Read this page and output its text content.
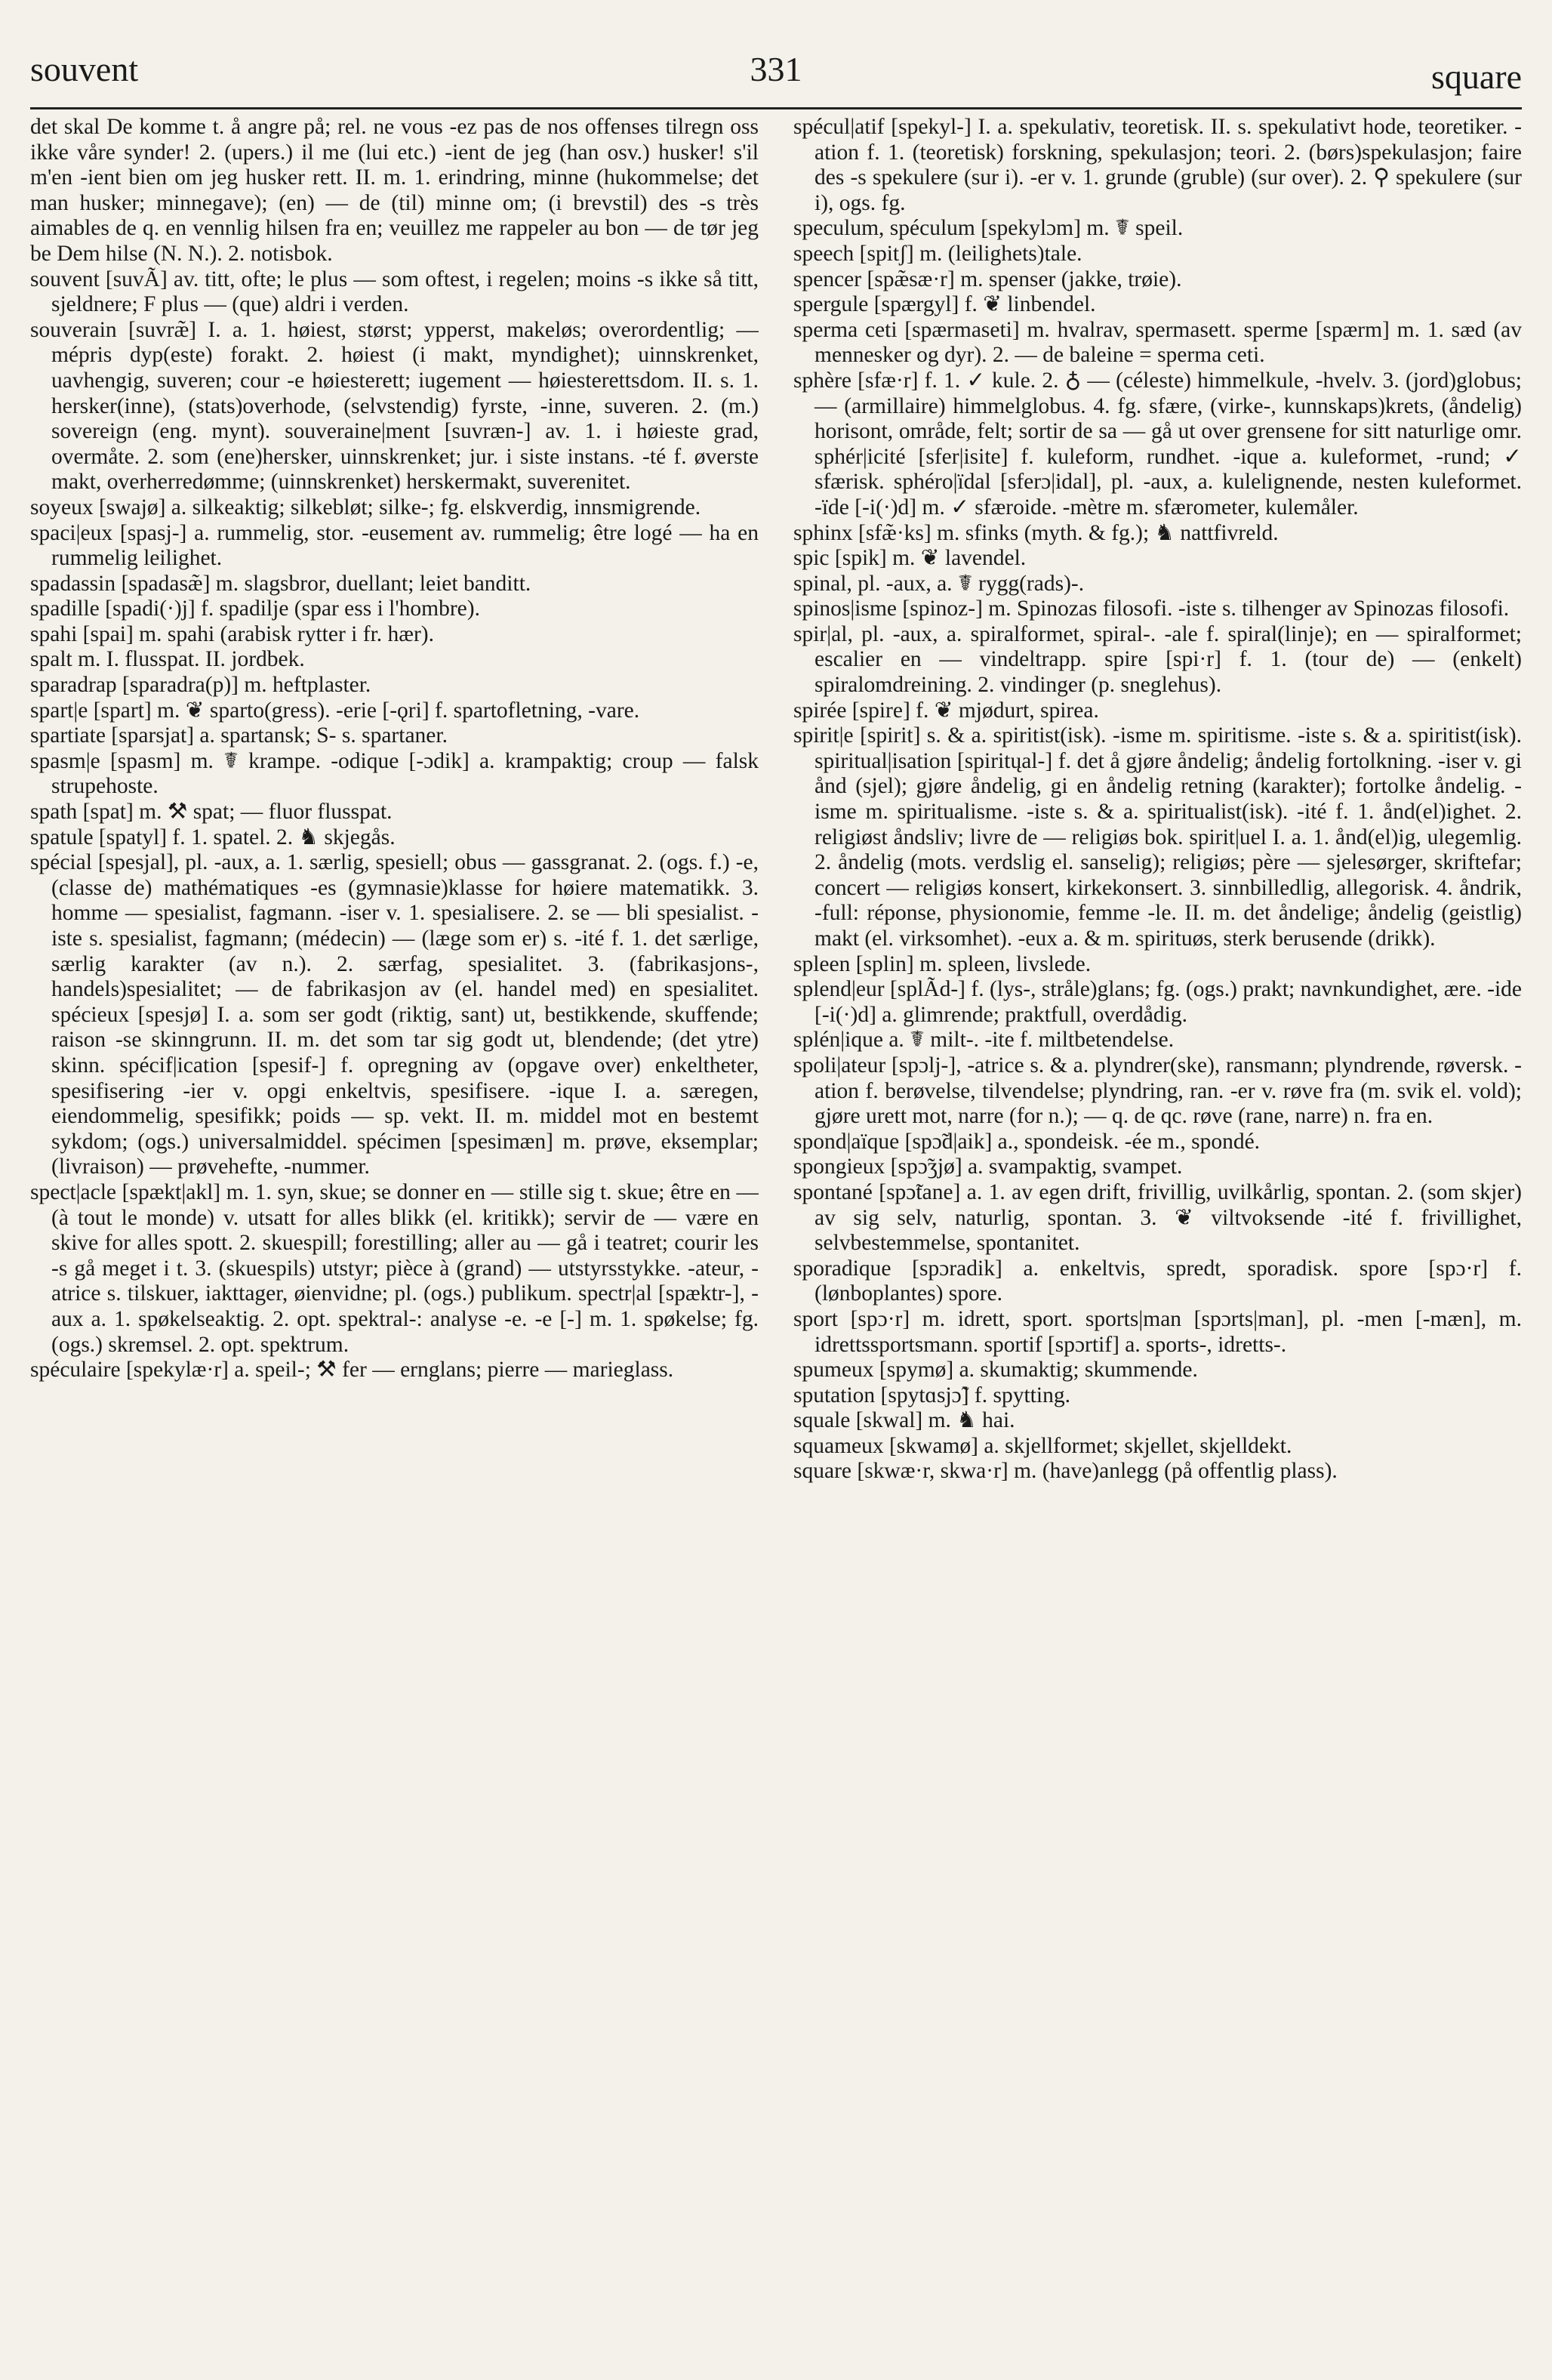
souvent	331	square

det skal De komme t. å angre på; rel. ne vous -ez pas de nos offenses tilregn oss ikke våre synder! 2. (upers.) il me (lui etc.) -ient de jeg (han osv.) husker! s'il m'en -ient bien om jeg husker rett. II. m. 1. erindring, minne (hukommelse; det man husker; minnegave); (en) — de (til) minne om; (i brevstil) des -s très aimables de q. en vennlig hilsen fra en; veuillez me rappeler au bon — de tør jeg be Dem hilse (N. N.). 2. notisbok.

souvent [suvÃ] av. titt, ofte; le plus — som oftest, i regelen; moins -s ikke så titt, sjeldnere; F plus — (que) aldri i verden.

souverain [suvræ̃] I. a. 1. høiest, størst; ypperst, makeløs; overordentlig; — mépris dyp(este) forakt. 2. høiest (i makt, myndighet); uinnskrenket, uavhengig, suveren; cour -e høiesterett; iugement — høiesterettsdom. II. s. 1. hersker(inne), (stats)overhode, (selvstendig) fyrste, -inne, suveren. 2. (m.) sovereign (eng. mynt). souveraine|ment [suvræn-] av. 1. i høieste grad, overmåte. 2. som (ene)hersker, uinnskrenket; jur. i siste instans. -té f. øverste makt, overherredømme; (uinnskrenket) herskermakt, suverenitet.

soyeux [swajø] a. silkeaktig; silkebløt; silke-; fg. elskverdig, innsmigrende.

spaci|eux [spasj-] a. rummelig, stor. -eusement av. rummelig; être logé — ha en rummelig leilighet.

spadassin [spadasæ̃] m. slagsbror, duellant; leiet banditt.

spadille [spadi(·)j] f. spadilje (spar ess i l'hombre).

spahi [spai] m. spahi (arabisk rytter i fr. hær).

spalt m. I. flusspat. II. jordbek.

sparadrap [sparadra(p)] m. heftplaster.

spart|e [spart] m. ❦ sparto(gress). -erie [-ǫri] f. spartofletning, -vare.

spartiate [sparsjat] a. spartansk; S- s. spartaner.

spasm|e [spasm] m. ☤ krampe. -odique [-ɔdik] a. krampaktig; croup — falsk strupehoste.

spath [spat] m. ⚒ spat; — fluor flusspat.

spatule [spatyl] f. 1. spatel. 2. ♞ skjegås.

spécial [spesjal], pl. -aux, a. 1. særlig, spesiell; obus — gassgranat. 2. (ogs. f.) -e, (classe de) mathématiques -es (gymnasie)klasse for høiere matematikk. 3. homme — spesialist, fagmann. -iser v. 1. spesialisere. 2. se — bli spesialist. -iste s. spesialist, fagmann; (médecin) — (læge som er) s. -ité f. 1. det særlige, særlig karakter (av n.). 2. særfag, spesialitet. 3. (fabrikasjons-, handels)spesialitet; — de fabrikasjon av (el. handel med) en spesialitet. spécieux [spesjø] I. a. som ser godt (riktig, sant) ut, bestikkende, skuffende; raison -se skinngrunn. II. m. det som tar sig godt ut, blendende; (det ytre) skinn. spécif|ication [spesif-] f. opregning av (opgave over) enkeltheter, spesifisering -ier v. opgi enkeltvis, spesifisere. -ique I. a. særegen, eiendommelig, spesifikk; poids — sp. vekt. II. m. middel mot en bestemt sykdom; (ogs.) universalmiddel. spécimen [spesimæn] m. prøve, eksemplar; (livraison) — prøvehefte, -nummer.

spect|acle [spækt|akl] m. 1. syn, skue; se donner en — stille sig t. skue; être en — (à tout le monde) v. utsatt for alles blikk (el. kritikk); servir de — være en skive for alles spott. 2. skuespill; forestilling; aller au — gå i teatret; courir les -s gå meget i t. 3. (skuespils) utstyr; pièce à (grand) — utstyrsstykke. -ateur, -atrice s. tilskuer, iakttager, øienvidne; pl. (ogs.) publikum. spectr|al [spæktr-], -aux a. 1. spøkelseaktig. 2. opt. spektral-: analyse -e. -e [-] m. 1. spøkelse; fg. (ogs.) skremsel. 2. opt. spektrum.

spéculaire [spekylæ·r] a. speil-; ⚒ fer — ernglans; pierre — marieglass.

spécul|atif [spekyl-] I. a. spekulativ, teoretisk. II. s. spekulativt hode, teoretiker. -ation f. 1. (teoretisk) forskning, spekulasjon; teori. 2. (børs)spekulasjon; faire des -s spekulere (sur i). -er v. 1. grunde (gruble) (sur over). 2. ⚲ spekulere (sur i), ogs. fg.

speculum, spéculum [spekylɔm] m. ☤ speil.

speech [spitʃ] m. (leilighets)tale.

spencer [spæ̃sæ·r] m. spenser (jakke, trøie).

spergule [spærgyl] f. ❦ linbendel.

sperma ceti [spærmaseti] m. hvalrav, spermasett. sperme [spærm] m. 1. sæd (av mennesker og dyr). 2. — de baleine = sperma ceti.

sphère [sfæ·r] f. 1. ✓ kule. 2. ♁ — (céleste) himmelkule, -hvelv. 3. (jord)globus; — (armillaire) himmelglobus. 4. fg. sfære, (virke-, kunnskaps)krets, (åndelig) horisont, område, felt; sortir de sa — gå ut over grensene for sitt naturlige omr. sphér|icité [sfer|isite] f. kuleform, rundhet. -ique a. kuleformet, -rund; ✓ sfærisk. sphéro|ïdal [sferɔ|idal], pl. -aux, a. kulelignende, nesten kuleformet. -ïde [-i(·)d] m. ✓ sfæroide. -mètre m. sfærometer, kulemåler.

sphinx [sfæ̃·ks] m. sfinks (myth. & fg.); ♞ nattfivreld.

spic [spik] m. ❦ lavendel.

spinal, pl. -aux, a. ☤ rygg(rads)-.

spinos|isme [spinoz-] m. Spinozas filosofi. -iste s. tilhenger av Spinozas filosofi.

spir|al, pl. -aux, a. spiralformet, spiral-. -ale f. spiral(linje); en — spiralformet; escalier en — vindeltrapp. spire [spi·r] f. 1. (tour de) — (enkelt) spiralomdreining. 2. vindinger (p. sneglehus).

spirée [spire] f. ❦ mjødurt, spirea.

spirit|e [spirit] s. & a. spiritist(isk). -isme m. spiritisme. -iste s. & a. spiritist(isk). spiritual|isation [spiritųal-] f. det å gjøre åndelig; åndelig fortolkning. -iser v. gi ånd (sjel); gjøre åndelig, gi en åndelig retning (karakter); fortolke åndelig. -isme m. spiritualisme. -iste s. & a. spiritualist(isk). -ité f. 1. ånd(el)ighet. 2. religiøst åndsliv; livre de — religiøs bok. spirit|uel I. a. 1. ånd(el)ig, ulegemlig. 2. åndelig (mots. verdslig el. sanselig); religiøs; père — sjelesørger, skriftefar; concert — religiøs konsert, kirkekonsert. 3. sinnbilledlig, allegorisk. 4. åndrik, -full: réponse, physionomie, femme -le. II. m. det åndelige; åndelig (geistlig) makt (el. virksomhet). -eux a. & m. spirituøs, sterk berusende (drikk).

spleen [splin] m. spleen, livslede.

splend|eur [splÃd-] f. (lys-, stråle)glans; fg. (ogs.) prakt; navnkundighet, ære. -ide [-i(·)d] a. glimrende; praktfull, overdådig.

splén|ique a. ☤ milt-. -ite f. miltbetendelse.

spoli|ateur [spɔlj-], -atrice s. & a. plyndrer(ske), ransmann; plyndrende, røversk. -ation f. berøvelse, tilvendelse; plyndring, ran. -er v. røve fra (m. svik el. vold); gjøre urett mot, narre (for n.); — q. de qc. røve (rane, narre) n. fra en.

spond|aïque [spɔ̃d|aik] a., spondeisk. -ée m., spondé.

spongieux [spɔ̃ʒjø] a. svampaktig, svampet.

spontané [spɔ̃tane] a. 1. av egen drift, frivillig, uvilkårlig, spontan. 2. (som skjer) av sig selv, naturlig, spontan. 3. ❦ viltvoksende -ité f. frivillighet, selvbestemmelse, spontanitet.

sporadique [spɔradik] a. enkeltvis, spredt, sporadisk. spore [spɔ·r] f. (lønboplantes) spore.

sport [spɔ·r] m. idrett, sport. sports|man [spɔrts|man], pl. -men [-mæn], m. idrettssportsmann. sportif [spɔrtif] a. sports-, idretts-.

spumeux [spymø] a. skumaktig; skummende.

sputation [spytɑsjɔ̃] f. spytting.

squale [skwal] m. ♞ hai.

squameux [skwamø] a. skjellformet; skjellet, skjelldekt.

square [skwæ·r, skwa·r] m. (have)anlegg (på offentlig plass).
